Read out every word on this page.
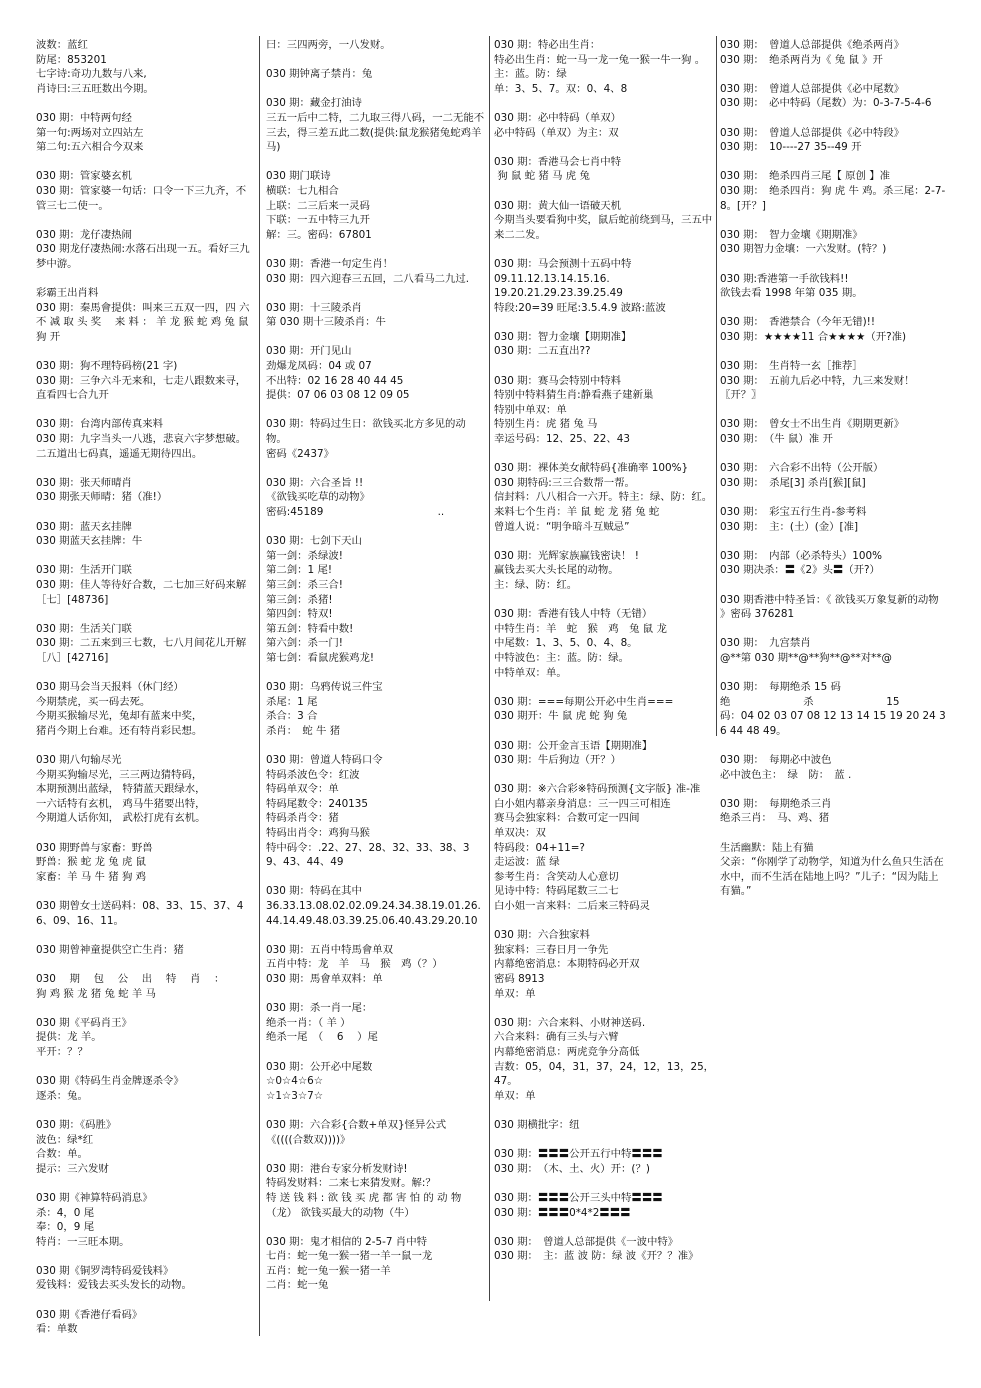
波数：蓝红
防尾：853201
七字诗:奇功九数与八来,
肖诗曰:三五旺数出今期。
030 期：中特两句经
第一句:两场对立四站左
第二句:五六相合今双来
030 期：管家婆玄机
030 期：管家婆一句话：口令一下三九齐，不管三七二使一。
030 期：龙仔凄热闹
030 期龙仔凄热闹:水落石出现一五。看好三九梦中游。
彩霸王出肖料
030 期：秦馬會提供：叫来三五双一四，四 六 不 减 取 头 奖　 来 料 ： 羊 龙 猴 蛇 鸡 兔 鼠 狗 开
030 期：狗不理特码榜(21 字)
030 期：三争六斗无来和，七走八跟数来寻，直看四七合九开
030 期：台湾内部传真来料
030 期：九字当头一八逃，悲哀六字梦想破。二五道出七码真，遥遥无期待四出。
030 期：张天师晴肖
030 期张天师晴：猪（准!）
030 期：蓝天玄挂牌
030 期蓝天玄挂牌：牛
030 期：生活开门联
030 期：佳人等待好合数，二七加三好码来解［七］[48736]
030 期：生活关门联
030 期：二五来到三七数，七八月间花儿开解［八］[42716]
030 期马会当天报料（休门经）
今期禁虎，买一码去死。
今期买猴输尽光，兔却有蓝来中奖，
猪肖今期上台难。还有特肖彩民想。
030 期八句输尽光
今期买狗输尽光，三三两边猜特码，
本期预测出蓝绿， 特猜蓝天跟绿水，
一六话特有玄机， 鸡马牛猪要出特，
今期道人话你知， 武松打虎有玄机。
030 期野兽与家畜：野兽
野兽：猴 蛇 龙 兔 虎 鼠
家畜：羊 马 牛 猪 狗 鸡
030 期曾女士送码料：08、33、15、37、46、09、16、11。
030 期曾神童提供空亡生肖：猪
030　 期　 包　 公　 出　 特　 肖　 ：
狗 鸡 猴 龙 猪 兔 蛇 羊 马
030 期《平码肖王》
提供：龙 羊。
平开：？？
030 期《特码生肖金牌逐杀令》
逐杀：兔。
030 期：《码胜》
波色：绿*红
合数：单。
提示：三六发财
030 期《神算特码消息》
杀：4，0 尾
奉：0，9 尾
特肖：一三旺本期。
030 期《铜罗湾特码爱钱料》
爱钱料：爱钱去买头发长的动物。
030 期《香港仔看码》
看：单数
曰：三四两旁，一八发财。
030 期钟离子禁肖：兔
030 期：藏金打油诗
三五一后中二特，二九取三得八码，一二无能不三去，得三差五此二数(提供:鼠龙猴猪兔蛇鸡羊马)
030 期门联诗
横联：七九相合
上联：二三后来一灵码
下联：一五中特三九开
解：三。密码：67801
030 期：香港一句定生肖！
030 期：四六迎春三五回，二八看马二九过.
030 期：十三陵杀肖
第 030 期十三陵杀肖：牛
030 期：开门见山
劲爆龙凤码：04 或 07
不出特：02 16 28 40 44 45
提供：07 06 03 08 12 09 05
030 期：特码过生日：欲钱买北方多见的动物。
密码《2437》
030 期：六合圣旨 !!
《欲钱买吃草的动物》
密码:45189　　　　　　　　　　　..
030 期：七剑下天山
第一剑：杀绿波!
第二剑：1 尾!
第三剑：杀三合!
第三剑：杀猪!
第四剑：特双!
第五剑：特看中数!
第六剑：杀一门!
第七剑：看鼠虎猴鸡龙!
030 期：乌鸦传说三件宝
杀尾：1 尾
杀合：3 合
杀肖：　蛇 牛 猪
030 期：曾道人特码口令
特码杀波色令：红波
特码单双令：单
特码尾数令：240135
特码杀肖令：猪
特码出肖令：鸡狗马猴
特中码令：.22、27、28、32、33、38、39、43、44、49
030 期：特码在其中
36.33.13.08.02.02.09.24.34.38.19.01.26.
44.14.49.48.03.39.25.06.40.43.29.20.10
030 期：五肖中特馬會单双
五肖中特：龙　羊　马　猴　鸡（？）
030 期：馬會单双料：单
030 期：杀一肖一尾：
绝杀一肖：（ 羊 ）
绝杀一尾　（　 6　 ）尾
030 期：公开必中尾数
☆0☆4☆6☆
☆1☆3☆7☆
030 期：六合彩{合数+单双}怪异公式
《((((合数双))))》
030 期：港台专家分析发财诗!
特码发财料：二来七来猜发财。解:？
特 送 钱 料 : 欲 钱 买 虎 都 害 怕 的 动 物（龙） 欲钱买最大的动物（牛）
030 期：鬼才相信的 2-5-7 肖中特
七肖：蛇一兔一猴一猪一羊一鼠一龙
五肖：蛇一兔一猴一猪一羊
二肖：蛇一兔
030 期：特必出生肖：
特必出生肖：蛇一马一龙一兔一猴一牛一狗 。
主：蓝。防：绿
单：3、5、7。双：0、4、8
030 期：必中特码（单双）
必中特码（单双）为主：双
030 期：香港马会七肖中特
狗 鼠 蛇 猪 马 虎 兔
030 期：黄大仙一语破天机
今期当头要看狗中奖，鼠后蛇前绕到马，三五中来二二发。
030 期：马会预测十五码中特
09.11.12.13.14.15.16.
19.20.21.29.23.39.25.49
特段:20=39 旺尾:3.5.4.9 波路:蓝波
030 期：智力金壤【期期准】
030 期：二五直出??
030 期：赛马会特别中特料
特别中特料猜生肖:静看燕子建新巢
特别中单双：单
特别生肖：虎 猪 兔 马
幸运号码：12、25、22、43
030 期：裸体美女献特码{准确率 100%}
030 期特码:三三合数帮一帮。
信封料：八八相合一六开。特主：绿、防：红。
来料七个生肖：羊 鼠 蛇 龙 猪 兔 蛇
曾道人说：“明争暗斗互贼忌”
030 期：光辉家族赢钱密诀！ !
赢钱去买大头长尾的动物。
主：绿、防：红。
030 期：香港有钱人中特（无错）
中特生肖：羊　蛇　猴　鸡　兔 鼠 龙
中尾数：1、3、5、0、4、8。
中特波色：主：蓝。防：绿。
中特单双：单。
030 期：===每期公开必中生肖===
030 期开：牛 鼠 虎 蛇 狗 兔
030 期：公开金言玉语【期期准】
030 期：牛后狗边（开？）
030 期：※六合彩※特码预测{文字版} 准-准
白小姐内幕亲身消息：三一四三可相连
赛马会独家料：合数可定一四间
单双决：双
特码段：04+11=?
走运波：蓝 绿
参考生肖：含笑动人心意切
见诗中特：特码尾数三二七
白小姐一言来料：二后来三特码灵
030 期：六合独家料
独家料：三春日月一争先
内幕绝密消息：本期特码必开双
密码 8913
单双：单
030 期：六合来料、小财神送码.
六合来料：确有三头与六臂
内幕绝密消息：两虎竞争分高低
吉数：05，04，31，37，24，12，13，25，47。
单双：单
030 期横批字：纽
030 期：〓〓〓公开五行中特〓〓〓
030 期：　（木、土、火）开：(？)
030 期：〓〓〓公开三头中特〓〓〓
030 期：〓〓〓0*4*2〓〓〓
030 期：　曾道人总部提供《一波中特》
030 期：　主：蓝 波 防：绿 波《开？？准》
030 期：　曾道人总部提供《绝杀两肖》
030 期：　绝杀两肖为《 兔 鼠 》开
030 期：　曾道人总部提供《必中尾数》
030 期：　必中特码（尾数）为：0-3-7-5-4-6
030 期：　曾道人总部提供《必中特段》
030 期：　10----27 35--49 开
030 期：　绝杀四肖三尾【 原创 】准
030 期：　绝杀四肖：狗 虎 牛 鸡。杀三尾：2-7-8。[开？]
030 期：　智力金壤《期期准》
030 期智力金壤：一六发财。(特？)
030 期:香港第一手欲钱料!!
欲钱去看 1998 年第 035 期。
030 期：　香港禁合（今年无错)!!
030 期：★★★★11 合★★★★（开?准)
030 期：　生肖特一玄［推荐］
030 期：　五前九后必中特，九三来发财！〖开？〗
030 期：　曾女士不出生肖《期期更新》
030 期：　（牛 鼠）准 开
030 期：　六合彩不出特（公开版）
030 期：　杀尾[3] 杀肖[猴][鼠]
030 期：　彩宝五行生肖-参考料
030 期：　主：(土）(金）[准]
030 期：　内部（必杀特头）100%
030 期决杀：〓《2》头〓（开?）
030 期香港中特圣旨：《 欲钱买万象复新的动物 》密码 376281
030 期：　九宫禁肖
@**第 030 期**@**狗**@**对**@
030 期：　每期绝杀 15 码
绝　　　　　　　杀　　　　　　　15
码：04 02 03 07 08 12 13 14 15 19 20 24 36 44 48 49。
030 期：　每期必中波色
必中波色主：　绿　防：　蓝 .
030 期：　每期绝杀三肖
绝杀三肖：　马、鸡、猪
生活幽默：陆上有猫
父亲：“你刚学了动物学，知道为什么鱼只生活在水中，而不生活在陆地上吗？”儿子：“因为陆上有猫。”
